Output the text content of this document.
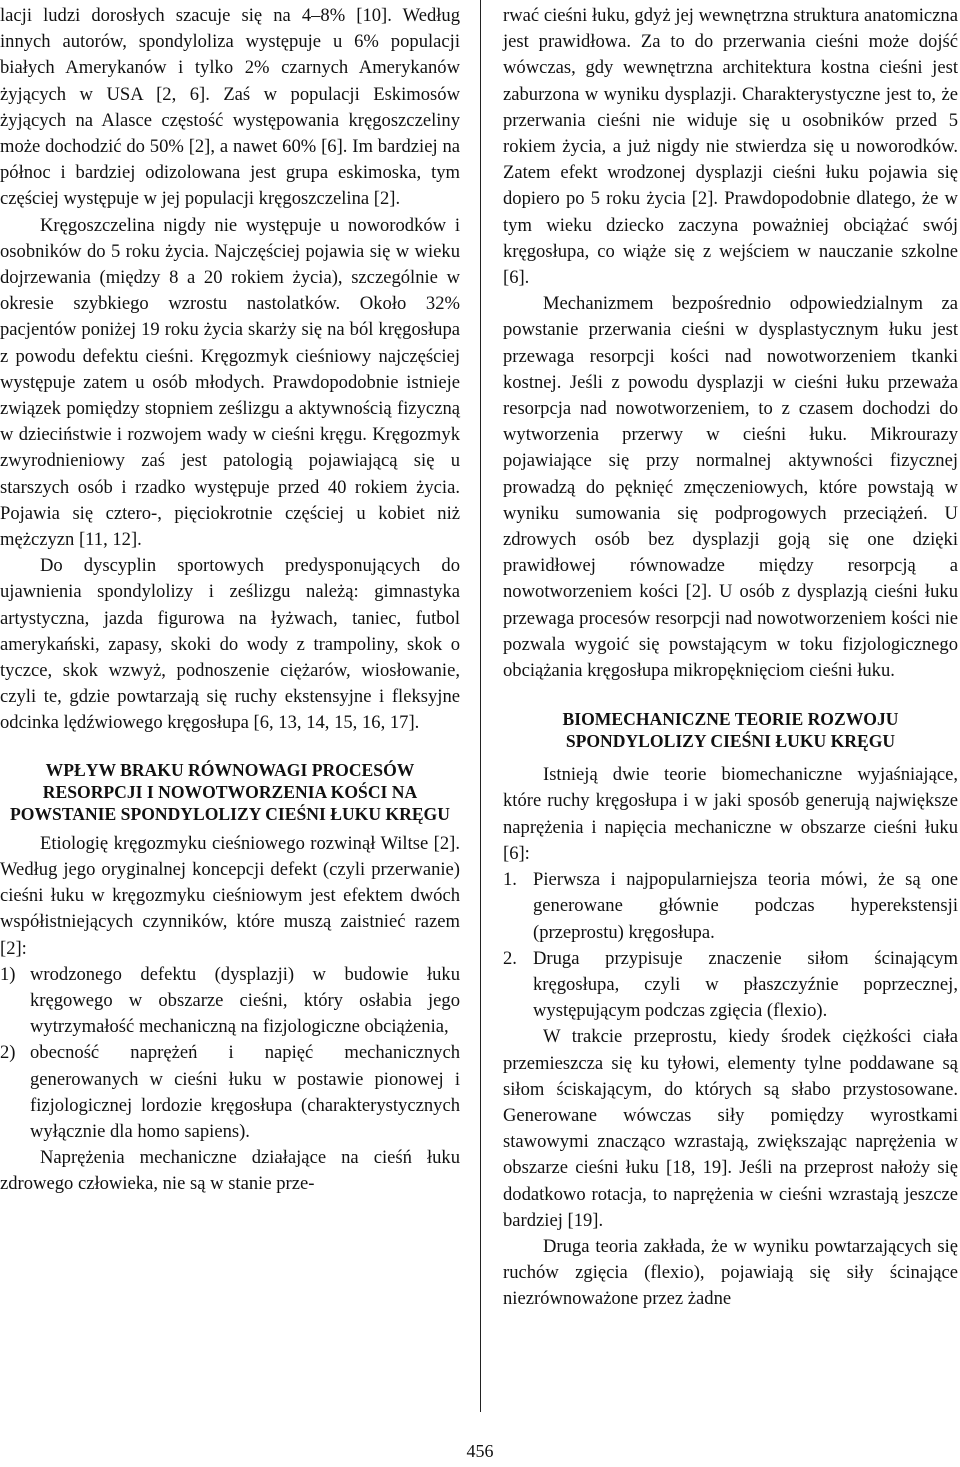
lacji ludzi dorosłych szacuje się na 4–8% [10]. Według innych autorów, spondyloliza występuje u 6% populacji białych Amerykanów i tylko 2% czarnych Amerykanów żyjących w USA [2, 6]. Zaś w populacji Eskimosów żyjących na Alasce częstość występowania kręgoszczeliny może dochodzić do 50% [2], a nawet 60% [6]. Im bardziej na północ i bardziej odizolowana jest grupa eskimoska, tym częściej występuje w jej populacji kręgoszczelina [2].

Kręgoszczelina nigdy nie występuje u noworodków i osobników do 5 roku życia. Najczęściej pojawia się w wieku dojrzewania (między 8 a 20 rokiem życia), szczególnie w okresie szybkiego wzrostu nastolatków. Około 32% pacjentów poniżej 19 roku życia skarży się na ból kręgosłupa z powodu defektu cieśni. Kręgozmyk cieśniowy najczęściej występuje zatem u osób młodych. Prawdopodobnie istnieje związek pomiędzy stopniem ześlizgu a aktywnością fizyczną w dzieciństwie i rozwojem wady w cieśni kręgu. Kręgozmyk zwyrodnieniowy zaś jest patologią pojawiającą się u starszych osób i rzadko występuje przed 40 rokiem życia. Pojawia się cztero-, pięciokrotnie częściej u kobiet niż mężczyzn [11, 12].

Do dyscyplin sportowych predysponujących do ujawnienia spondylolizy i ześlizgu należą: gimnastyka artystyczna, jazda figurowa na łyżwach, taniec, futbol amerykański, zapasy, skoki do wody z trampoliny, skok o tyczce, skok wzwyż, podnoszenie ciężarów, wiosłowanie, czyli te, gdzie powtarzają się ruchy ekstensyjne i fleksyjne odcinka lędźwiowego kręgosłupa [6, 13, 14, 15, 16, 17].

WPŁYW BRAKU RÓWNOWAGI PROCESÓW RESORPCJI I NOWOTWORZENIA KOŚCI NA POWSTANIE SPONDYLOLIZY CIEŚNI ŁUKU KRĘGU

Etiologię kręgozmyku cieśniowego rozwinął Wiltse [2]. Według jego oryginalnej koncepcji defekt (czyli przerwanie) cieśni łuku w kręgozmyku cieśniowym jest efektem dwóch współistniejących czynników, które muszą zaistnieć razem [2]:

1) wrodzonego defektu (dysplazji) w budowie łuku kręgowego w obszarze cieśni, który osłabia jego wytrzymałość mechaniczną na fizjologiczne obciążenia,
2) obecność naprężeń i napięć mechanicznych generowanych w cieśni łuku w postawie pionowej i fizjologicznej lordozie kręgosłupa (charakterystycznych wyłącznie dla homo sapiens).

Naprężenia mechaniczne działające na cieśń łuku zdrowego człowieka, nie są w stanie prze-

rwać cieśni łuku, gdyż jej wewnętrzna struktura anatomiczna jest prawidłowa. Za to do przerwania cieśni może dojść wówczas, gdy wewnętrzna architektura kostna cieśni jest zaburzona w wyniku dysplazji. Charakterystyczne jest to, że przerwania cieśni nie widuje się u osobników przed 5 rokiem życia, a już nigdy nie stwierdza się u noworodków. Zatem efekt wrodzonej dysplazji cieśni łuku pojawia się dopiero po 5 roku życia [2]. Prawdopodobnie dlatego, że w tym wieku dziecko zaczyna poważniej obciążać swój kręgosłupa, co wiąże się z wejściem w nauczanie szkolne [6].

Mechanizmem bezpośrednio odpowiedzialnym za powstanie przerwania cieśni w dysplastycznym łuku jest przewaga resorpcji kości nad nowotworzeniem tkanki kostnej. Jeśli z powodu dysplazji w cieśni łuku przeważa resorpcja nad nowotworzeniem, to z czasem dochodzi do wytworzenia przerwy w cieśni łuku. Mikrourazy pojawiające się przy normalnej aktywności fizycznej prowadzą do pęknięć zmęczeniowych, które powstają w wyniku sumowania się podprogowych przeciążeń. U zdrowych osób bez dysplazji goją się one dzięki prawidłowej równowadze między resorpcją a nowotworzeniem kości [2]. U osób z dysplazją cieśni łuku przewaga procesów resorpcji nad nowotworzeniem kości nie pozwala wygoić się powstającym w toku fizjologicznego obciążania kręgosłupa mikropęknięciom cieśni łuku.

BIOMECHANICZNE TEORIE ROZWOJU SPONDYLOLIZY CIEŚNI ŁUKU KRĘGU

Istnieją dwie teorie biomechaniczne wyjaśniające, które ruchy kręgosłupa i w jaki sposób generują największe naprężenia i napięcia mechaniczne w obszarze cieśni łuku [6]:

1. Pierwsza i najpopularniejsza teoria mówi, że są one generowane głównie podczas hyperekstensji (przeprostu) kręgosłupa.
2. Druga przypisuje znaczenie siłom ścinającym kręgosłupa, czyli w płaszczyźnie poprzecznej, występującym podczas zgięcia (flexio).

W trakcie przeprostu, kiedy środek ciężkości ciała przemieszcza się ku tyłowi, elementy tylne poddawane są siłom ściskającym, do których są słabo przystosowane. Generowane wówczas siły pomiędzy wyrostkami stawowymi znacząco wzrastają, zwiększając naprężenia w obszarze cieśni łuku [18, 19]. Jeśli na przeprost nałoży się dodatkowo rotacja, to naprężenia w cieśni wzrastają jeszcze bardziej [19].

Druga teoria zakłada, że w wyniku powtarzających się ruchów zgięcia (flexio), pojawiają się siły ścinające niezrównoważone przez żadne

456
